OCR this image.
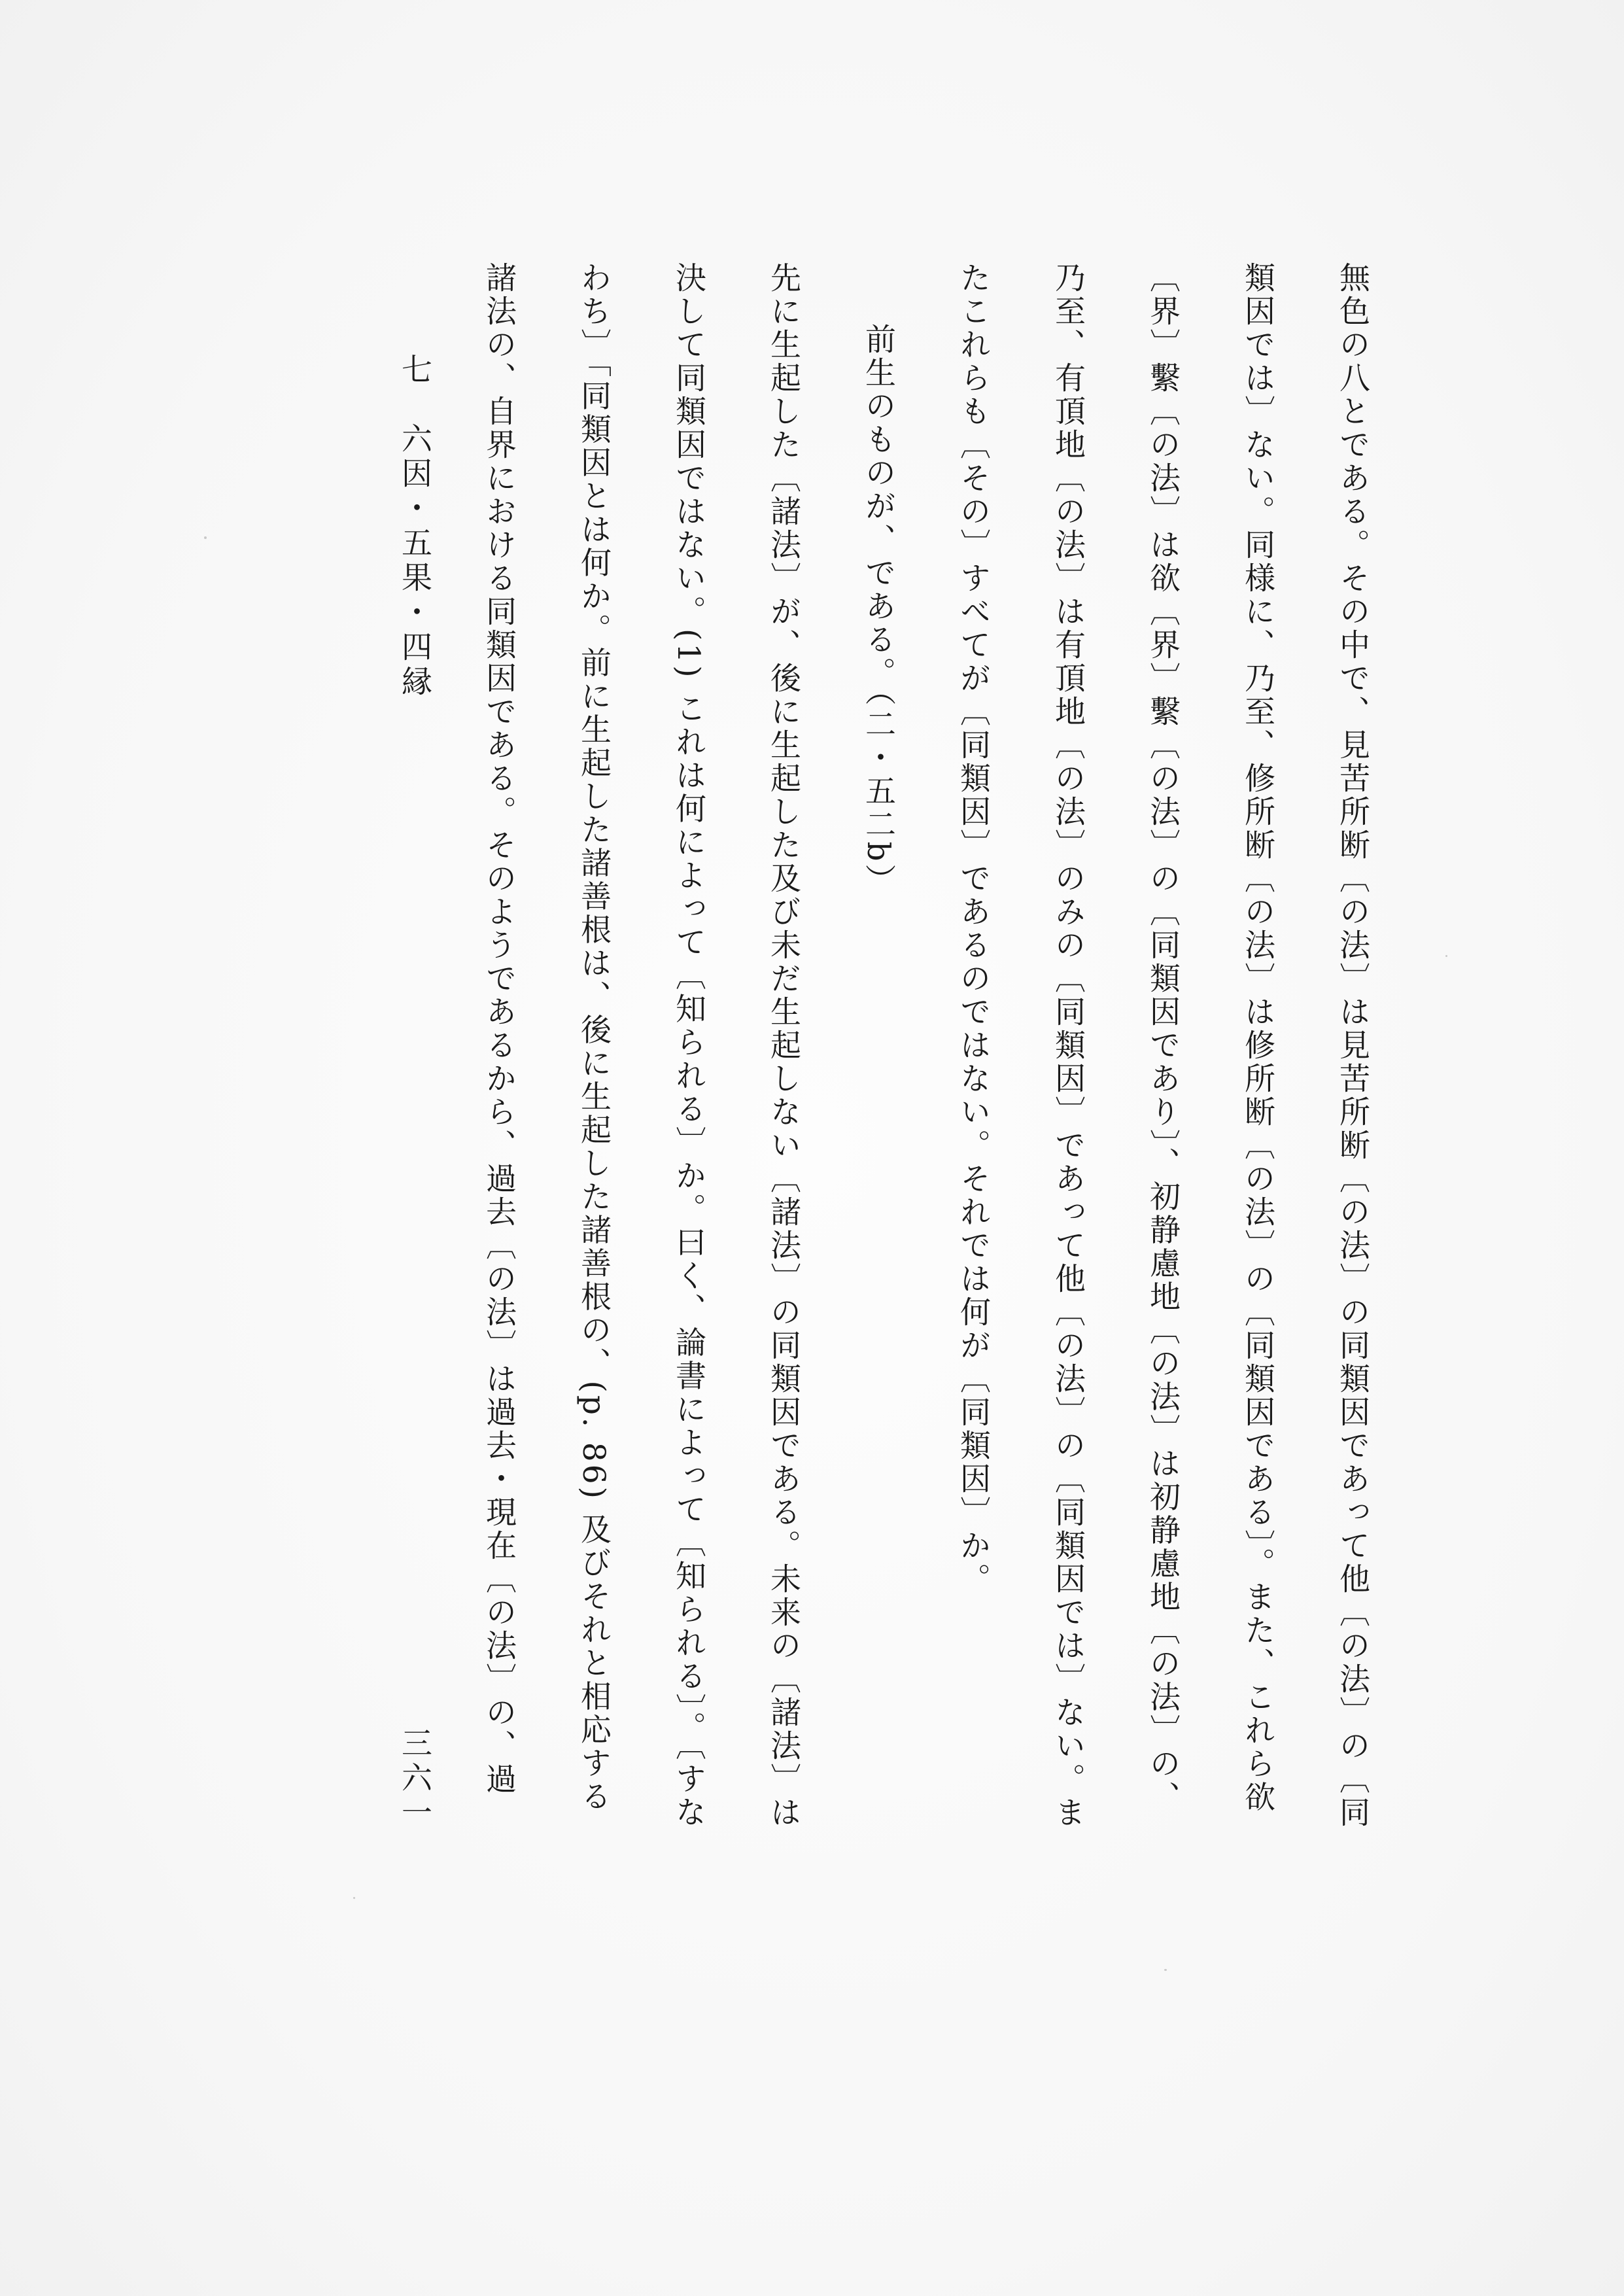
無色の八とである。その中で、見苦所断〔の法〕は見苦所断〔の法〕の同類因であって他〔の法〕の〔同類因では〕ない。同様に、乃至、修所断〔の法〕は修所断〔の法〕の〔同類因である〕。また、これら欲〔界〕繫〔の法〕は欲〔界〕繫〔の法〕の〔同類因であり〕、初静慮地〔の法〕は初静慮地〔の法〕の、乃至、有頂地〔の法〕は有頂地〔の法〕のみの〔同類因〕であって他〔の法〕の〔同類因では〕ない。またこれらも〔その〕すべてが〔同類因〕であるのではない。それでは何が〔同類因〕か。

前生のものが、である。（二・五二b）

先に生起した〔諸法〕が、後に生起した及び未だ生起しない〔諸法〕の同類因である。未来の〔諸法〕は決して同類因ではない。(1) これは何によって〔知られる〕か。曰く、論書によって〔知られる〕。〔すなわち〕「同類因とは何か。前に生起した諸善根は、後に生起した諸善根の、(p. 86) 及びそれと相応する諸法の、自界における同類因である。そのようであるから、過去〔の法〕は過去・現在〔の法〕の、過

七　六因・五果・四縁
三六一
